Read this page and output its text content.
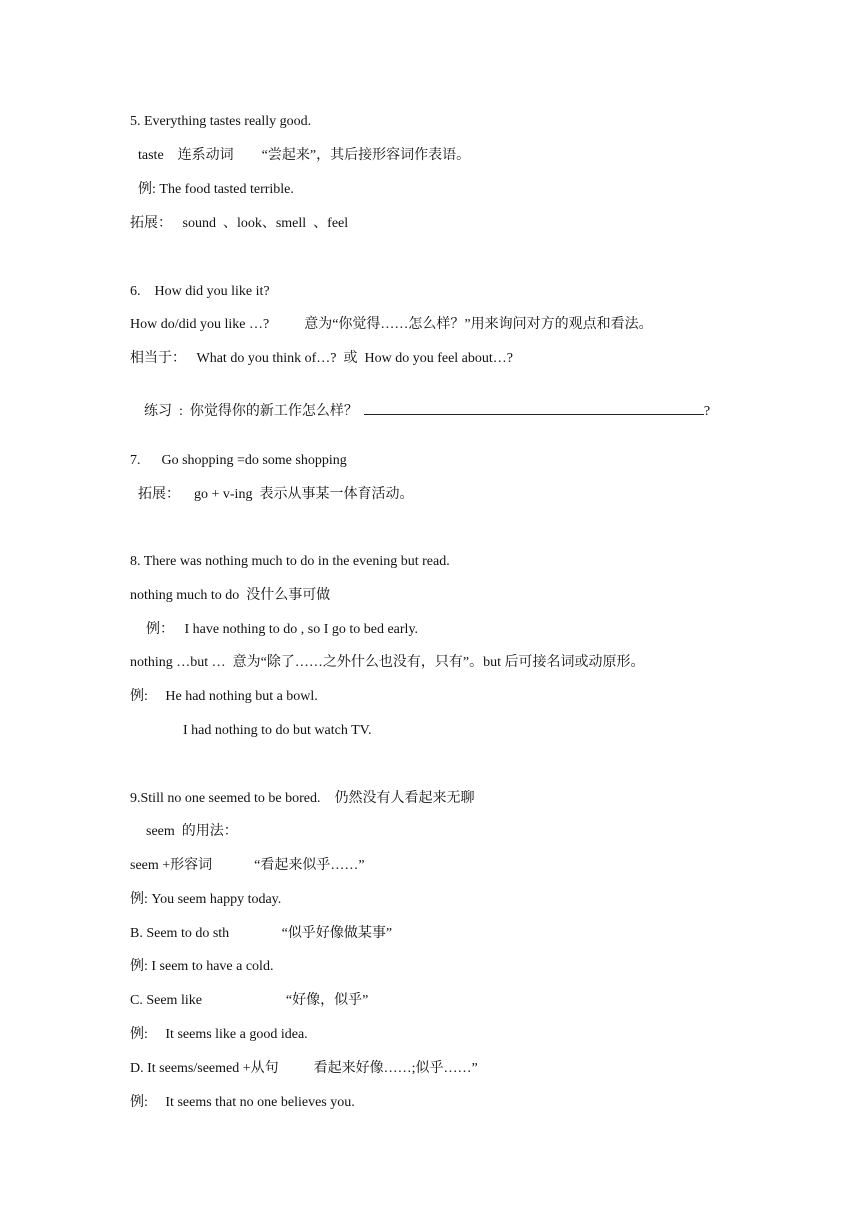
5. Everything tastes really good.
taste    连系动词        “尝起来”，其后接形容词作表语。
例: The food tasted terrible.
拓展：   sound  、look、smell  、feel
6.    How did you like it?
How do/did you like …?          意为“你觉得……怎么样？”用来询问对方的观点和看法。
相当于：   What do you think of…?  或  How do you feel about…?

练习  :  你觉得你的新工作怎么样？	?

7.      Go shopping =do some shopping
拓展：    go + v-ing  表示从事某一体育活动。
8. There was nothing much to do in the evening but read.
nothing much to do  没什么事可做
例：   I have nothing to do , so I go to bed early.
nothing …but …  意为“除了……之外什么也没有，只有”。but 后可接名词或动原形。
例:     He had nothing but a bowl.
I had nothing to do but watch TV.
9.Still no one seemed to be bored.    仍然没有人看起来无聊
seem  的用法：
seem +形容词            “看起来似乎……”
例: You seem happy today.
B. Seem to do sth               “似乎好像做某事”
例: I seem to have a cold.
C. Seem like                        “好像，似乎”
例:     It seems like a good idea.
D. It seems/seemed +从句          看起来好像……;似乎……”
例:     It seems that no one believes you.
